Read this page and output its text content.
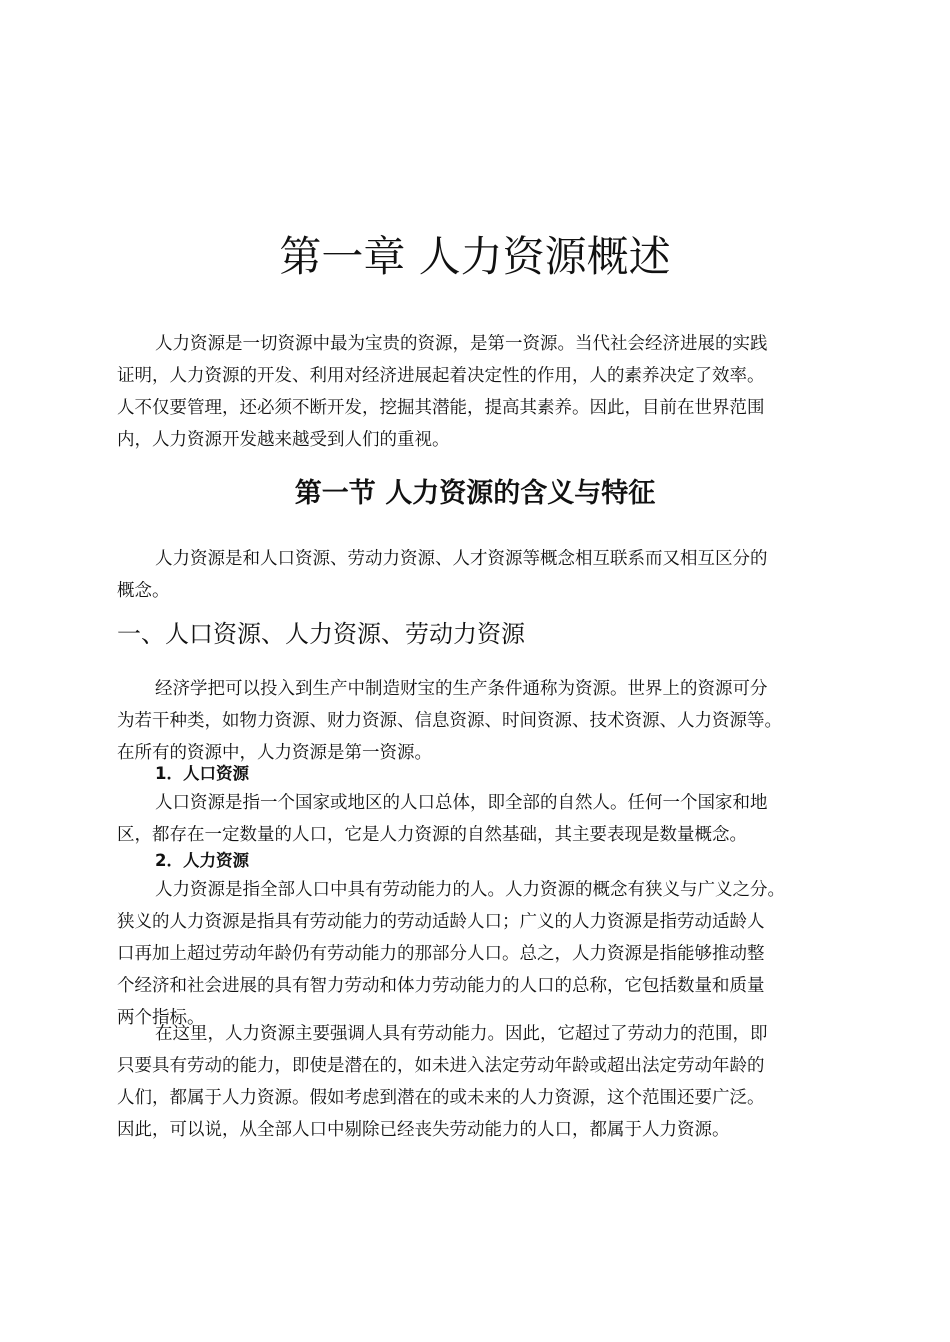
第一章 人力资源概述
人力资源是一切资源中最为宝贵的资源，是第一资源。当代社会经济进展的实践
证明，人力资源的开发、利用对经济进展起着决定性的作用，人的素养决定了效率。
人不仅要管理，还必须不断开发，挖掘其潜能，提高其素养。因此，目前在世界范围
内，人力资源开发越来越受到人们的重视。
第一节 人力资源的含义与特征
人力资源是和人口资源、劳动力资源、人才资源等概念相互联系而又相互区分的
概念。
一、人口资源、人力资源、劳动力资源
经济学把可以投入到生产中制造财宝的生产条件通称为资源。世界上的资源可分
为若干种类，如物力资源、财力资源、信息资源、时间资源、技术资源、人力资源等。
在所有的资源中，人力资源是第一资源。
1．人口资源
人口资源是指一个国家或地区的人口总体，即全部的自然人。任何一个国家和地
区，都存在一定数量的人口，它是人力资源的自然基础，其主要表现是数量概念。
2．人力资源
人力资源是指全部人口中具有劳动能力的人。人力资源的概念有狭义与广义之分。
狭义的人力资源是指具有劳动能力的劳动适龄人口；广义的人力资源是指劳动适龄人
口再加上超过劳动年龄仍有劳动能力的那部分人口。总之，人力资源是指能够推动整
个经济和社会进展的具有智力劳动和体力劳动能力的人口的总称，它包括数量和质量
两个指标。
在这里，人力资源主要强调人具有劳动能力。因此，它超过了劳动力的范围，即
只要具有劳动的能力，即使是潜在的，如未进入法定劳动年龄或超出法定劳动年龄的
人们，都属于人力资源。假如考虑到潜在的或未来的人力资源，这个范围还要广泛。
因此，可以说，从全部人口中剔除已经丧失劳动能力的人口，都属于人力资源。
